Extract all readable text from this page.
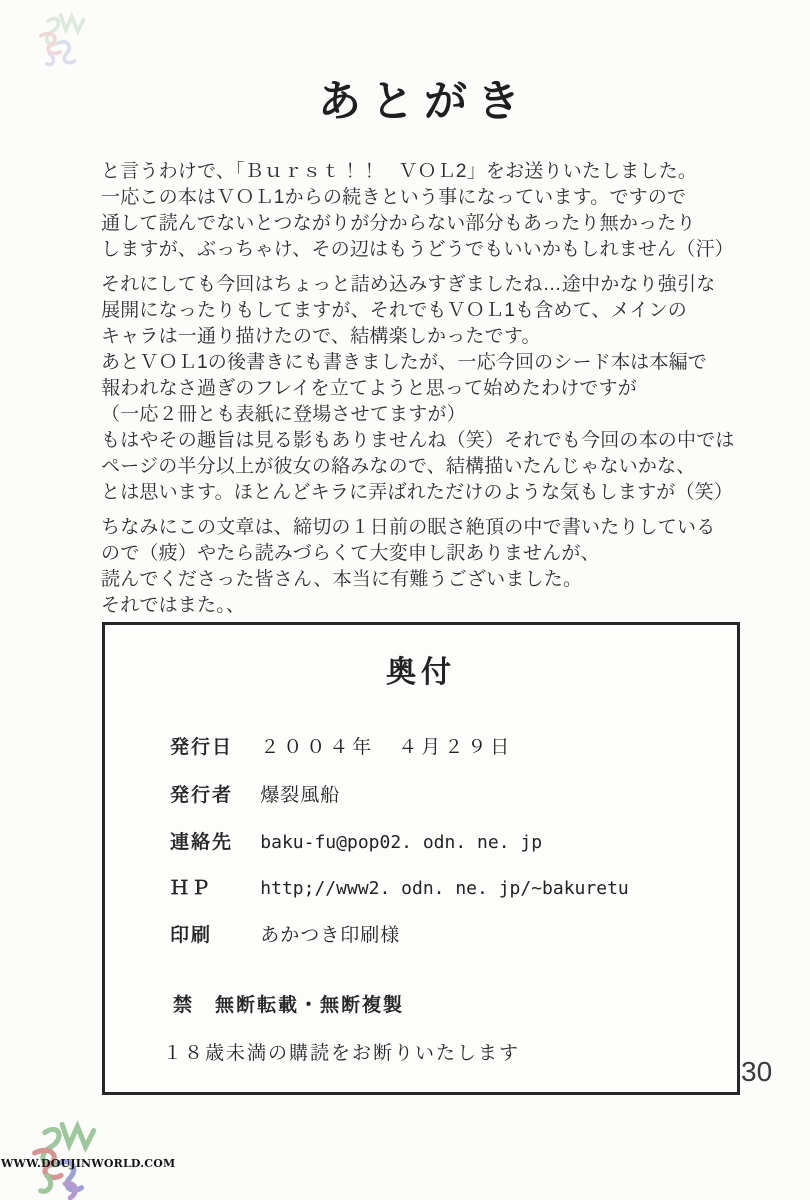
あとがき
と言うわけで、「Ｂｕｒｓｔ！！　ＶＯＬ2」をお送りいたしました。
一応この本はＶＯＬ1からの続きという事になっています。ですので
通して読んでないとつながりが分からない部分もあったり無かったり
しますが、ぶっちゃけ、その辺はもうどうでもいいかもしれません（汗）
それにしても今回はちょっと詰め込みすぎましたね…途中かなり強引な
展開になったりもしてますが、それでもＶＯＬ1も含めて、メインの
キャラは一通り描けたので、結構楽しかったです。
あとＶＯＬ1の後書きにも書きましたが、一応今回のシード本は本編で
報われなさ過ぎのフレイを立てようと思って始めたわけですが
（一応２冊とも表紙に登場させてますが）
もはやその趣旨は見る影もありませんね（笑）それでも今回の本の中では
ページの半分以上が彼女の絡みなので、結構描いたんじゃないかな、
とは思います。ほとんどキラに弄ばれただけのような気もしますが（笑）
ちなみにこの文章は、締切の１日前の眠さ絶頂の中で書いたりしている
ので（疲）やたら読みづらくて大変申し訳ありませんが、
読んでくださった皆さん、本当に有難うございました。
それではまた。、
奥付
発行日 ２００４年　４月２９日
発行者 爆裂風船
連絡先 baku-fu@pop02. odn. ne. jp
ＨＰ	http;//www2. odn. ne. jp/~bakuretu
印刷	あかつき印刷様
禁　無断転載・無断複製
１８歳未満の購読をお断りいたします
30
WWW.DOUJINWORLD.COM
